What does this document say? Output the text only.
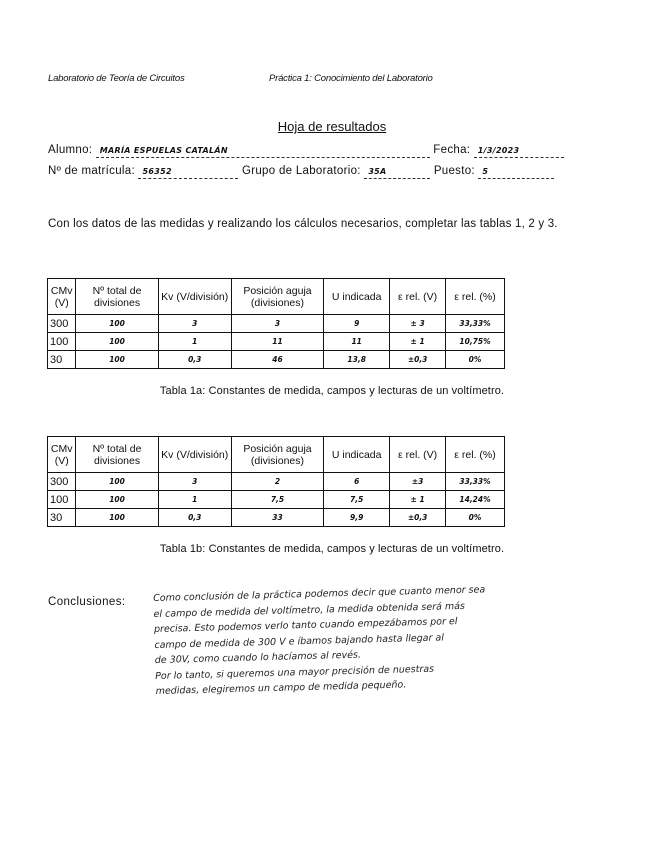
Laboratorio de Teoría de Circuitos	Práctica 1: Conocimiento del Laboratorio
Hoja de resultados
Alumno: MARÍA ESPUELAS CATALÁN	Fecha: 1/3/2023
Nº de matrícula: 56352	Grupo de Laboratorio: 35A	Puesto: 5
Con los datos de las medidas y realizando los cálculos necesarios, completar las tablas 1, 2 y 3.
CMv (V)	Nº total de divisiones	Kv (V/división)	Posición aguja (divisiones)	U indicada	ε rel. (V)	ε rel. (%)
300	100	3	3	9	± 3	33,33%
100	100	1	11	11	± 1	10,75%
30	100	0,3	46	13,8	±0,3	0%
Tabla 1a: Constantes de medida, campos y lecturas de un voltímetro.
CMv (V)	Nº total de divisiones	Kv (V/división)	Posición aguja (divisiones)	U indicada	ε rel. (V)	ε rel. (%)
300	100	3	2	6	±3	33,33%
100	100	1	7,5	7,5	± 1	14,24%
30	100	0,3	33	9,9	±0,3	0%
Tabla 1b: Constantes de medida, campos y lecturas de un voltímetro.
Conclusiones:	Como conclusión de la práctica podemos decir que cuanto menor sea
el campo de medida del voltímetro, la medida obtenida será más
precisa. Esto podemos verlo tanto cuando empezábamos por el
campo de medida de 300 V e íbamos bajando hasta llegar al
de 30V, como cuando lo hacíamos al revés.
Por lo tanto, si queremos una mayor precisión de nuestras
medidas, elegiremos un campo de medida pequeño.
